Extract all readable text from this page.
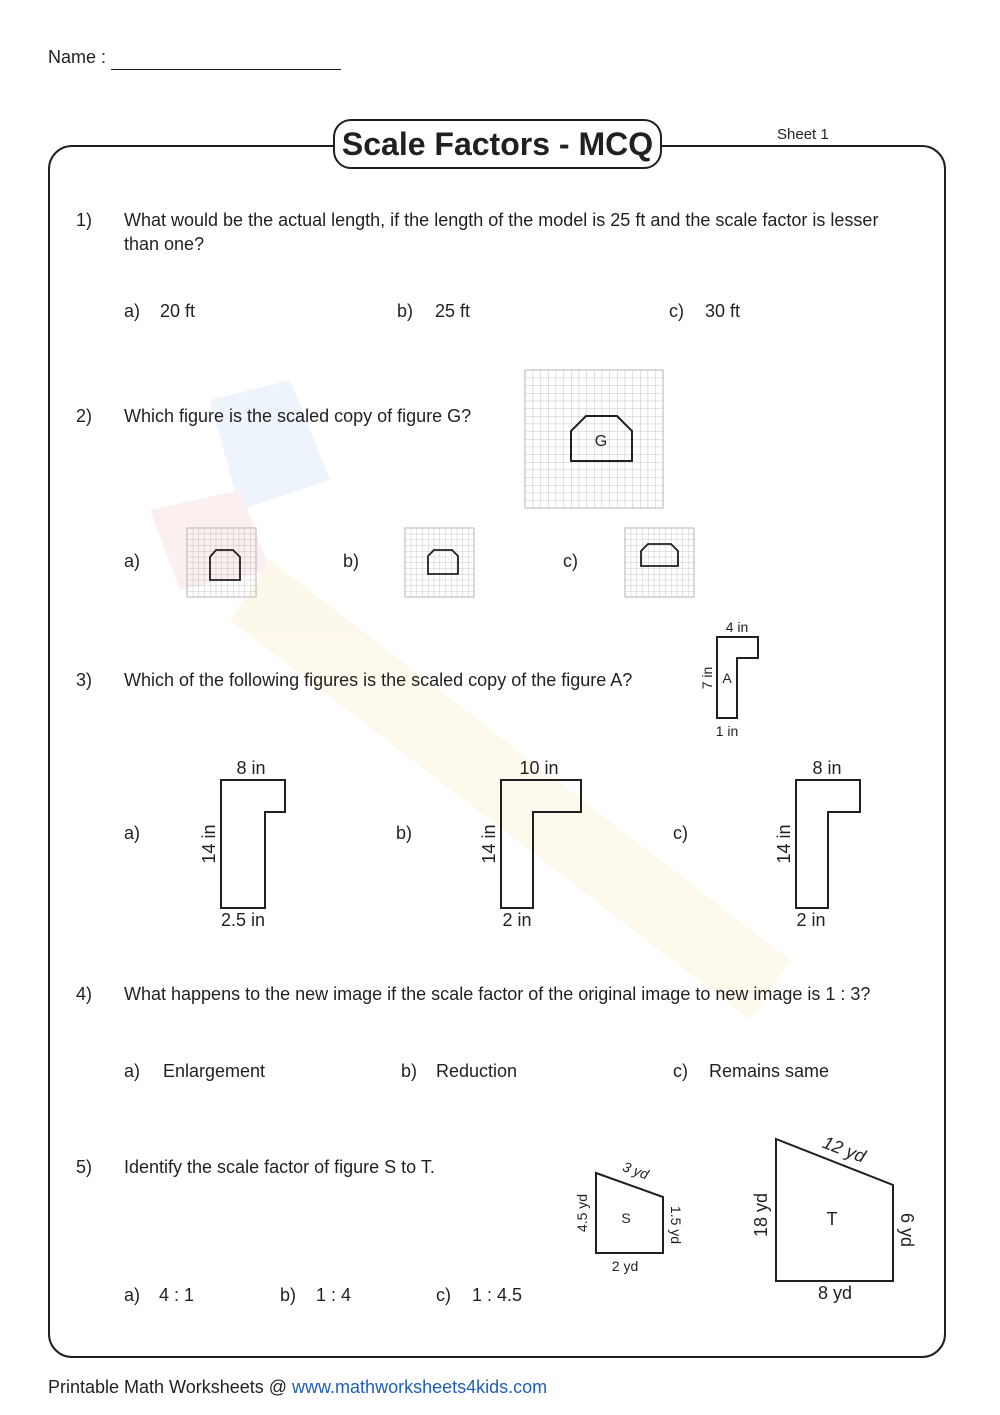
Name :
Scale Factors - MCQ	Sheet 1
1) What would be the actual length, if the length of the model is 25 ft and the scale factor is lesser
than one?
a) 20 ft	b) 25 ft	c) 30 ft
2) Which figure is the scaled copy of figure G?
G
a)	b)	c)
3) Which of the following figures is the scaled copy of the figure A?
4 in
A
7 in
1 in
a)
8 in
14 in
2.5 in
b)
10 in
14 in
2 in
c)
8 in
14 in
2 in
4) What happens to the new image if the scale factor of the original image to new image is 1 : 3?
a) Enlargement	b) Reduction	c) Remains same
5) Identify the scale factor of figure S to T.	3 yd
S
4.5 yd	1.5 yd
2 yd
12 yd
T
18 yd	6 yd
8 yd
a) 4 : 1	b) 1 : 4	c) 1 : 4.5
Printable Math Worksheets @ www.mathworksheets4kids.com
